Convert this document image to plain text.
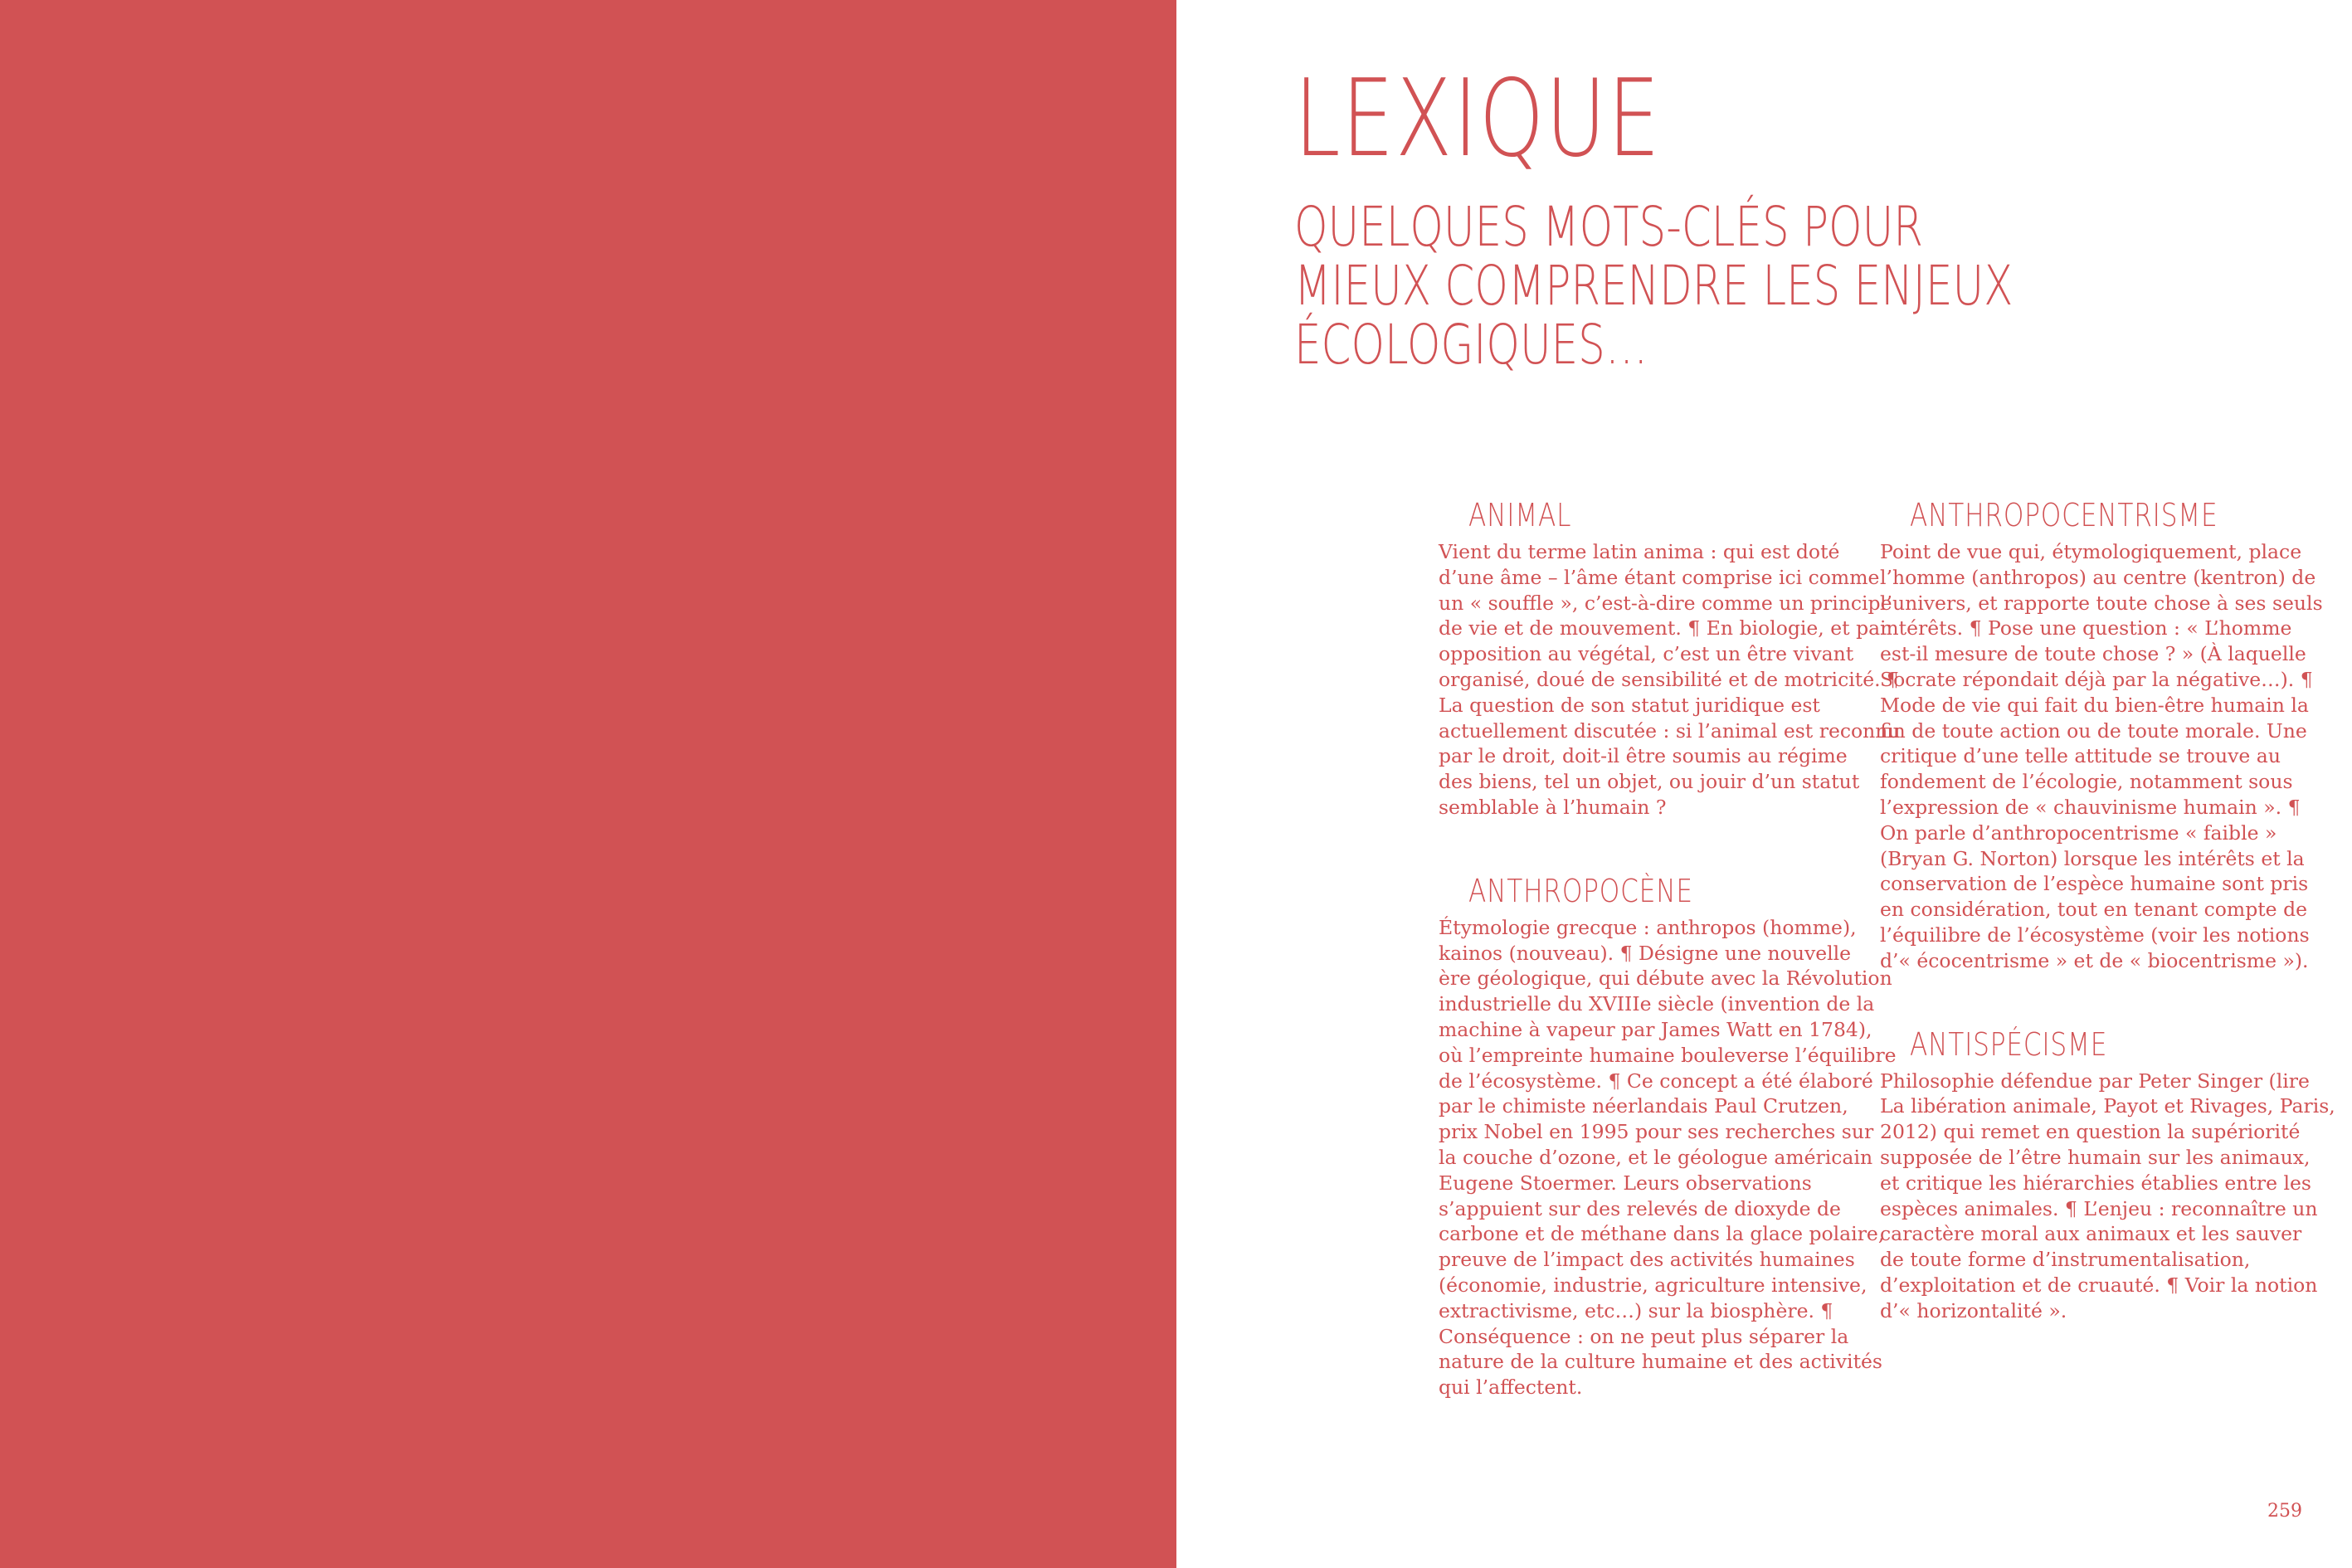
LEXIQUE
QUELQUES MOTS-CLÉS POUR
MIEUX COMPRENDRE LES ENJEUX
ÉCOLOGIQUES…
ANIMAL

Vient du terme latin anima : qui est doté
d’une âme – l’âme étant comprise ici comme
un « souffle », c’est-à-dire comme un principe
de vie et de mouvement. ¶ En biologie, et par
opposition au végétal, c’est un être vivant
organisé, doué de sensibilité et de motricité. ¶
La question de son statut juridique est
actuellement discutée : si l’animal est reconnu
par le droit, doit-il être soumis au régime
des biens, tel un objet, ou jouir d’un statut
semblable à l’humain ?

ANTHROPOCÈNE

Étymologie grecque : anthropos (homme),
kainos (nouveau). ¶ Désigne une nouvelle
ère géologique, qui débute avec la Révolution
industrielle du XVIIIe siècle (invention de la
machine à vapeur par James Watt en 1784),
où l’empreinte humaine bouleverse l’équilibre
de l’écosystème. ¶ Ce concept a été élaboré
par le chimiste néerlandais Paul Crutzen,
prix Nobel en 1995 pour ses recherches sur
la couche d’ozone, et le géologue américain
Eugene Stoermer. Leurs observations
s’appuient sur des relevés de dioxyde de
carbone et de méthane dans la glace polaire,
preuve de l’impact des activités humaines
(économie, industrie, agriculture intensive,
extractivisme, etc…) sur la biosphère. ¶
Conséquence : on ne peut plus séparer la
nature de la culture humaine et des activités
qui l’affectent.

ANTHROPOCENTRISME

Point de vue qui, étymologiquement, place
l’homme (anthropos) au centre (kentron) de
l’univers, et rapporte toute chose à ses seuls
intérêts. ¶ Pose une question : « L’homme
est-il mesure de toute chose ? » (À laquelle
Socrate répondait déjà par la négative…). ¶
Mode de vie qui fait du bien-être humain la
fin de toute action ou de toute morale. Une
critique d’une telle attitude se trouve au
fondement de l’écologie, notamment sous
l’expression de « chauvinisme humain ». ¶
On parle d’anthropocentrisme « faible »
(Bryan G. Norton) lorsque les intérêts et la
conservation de l’espèce humaine sont pris
en considération, tout en tenant compte de
l’équilibre de l’écosystème (voir les notions
d’« écocentrisme » et de « biocentrisme »).

ANTISPÉCISME

Philosophie défendue par Peter Singer (lire
La libération animale, Payot et Rivages, Paris,
2012) qui remet en question la supériorité
supposée de l’être humain sur les animaux,
et critique les hiérarchies établies entre les
espèces animales. ¶ L’enjeu : reconnaître un
caractère moral aux animaux et les sauver
de toute forme d’instrumentalisation,
d’exploitation et de cruauté. ¶ Voir la notion
d’« horizontalité ».

259
